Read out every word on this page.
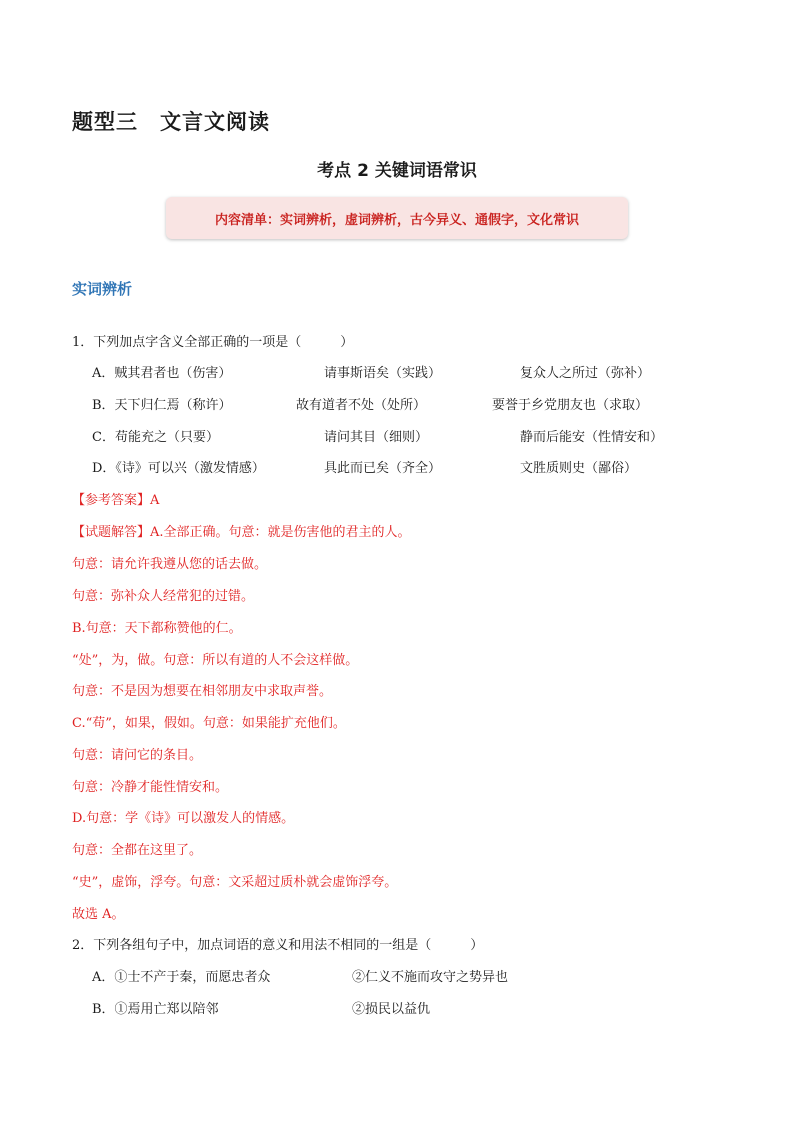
题型三　文言文阅读
考点 2 关键词语常识
内容清单：实词辨析，虚词辨析，古今异义、通假字，文化常识
实词辨析
1．下列加点字含义全部正确的一项是（　　　）
A．贼其君者也（伤害）	请事斯语矣（实践）	复众人之所过（弥补）
B．天下归仁焉（称许）	故有道者不处（处所）	要誉于乡党朋友也（求取）
C．苟能充之（只要）	请问其目（细则）	静而后能安（性情安和）
D．《诗》可以兴（激发情感）	具此而已矣（齐全）	文胜质则史（鄙俗）
【参考答案】A
【试题解答】A.全部正确。句意：就是伤害他的君主的人。
句意：请允许我遵从您的话去做。
句意：弥补众人经常犯的过错。
B.句意：天下都称赞他的仁。
“处”，为，做。句意：所以有道的人不会这样做。
句意：不是因为想要在相邻朋友中求取声誉。
C.“苟”，如果，假如。句意：如果能扩充他们。
句意：请问它的条目。
句意：冷静才能性情安和。
D.句意：学《诗》可以激发人的情感。
句意：全都在这里了。
“史”，虚饰，浮夸。句意：文采超过质朴就会虚饰浮夸。
故选 A。
2．下列各组句子中，加点词语的意义和用法不相同的一组是（　　　）
A．①士不产于秦，而愿忠者众	②仁义不施而攻守之势异也
B．①焉用亡郑以陪邻	②损民以益仇
